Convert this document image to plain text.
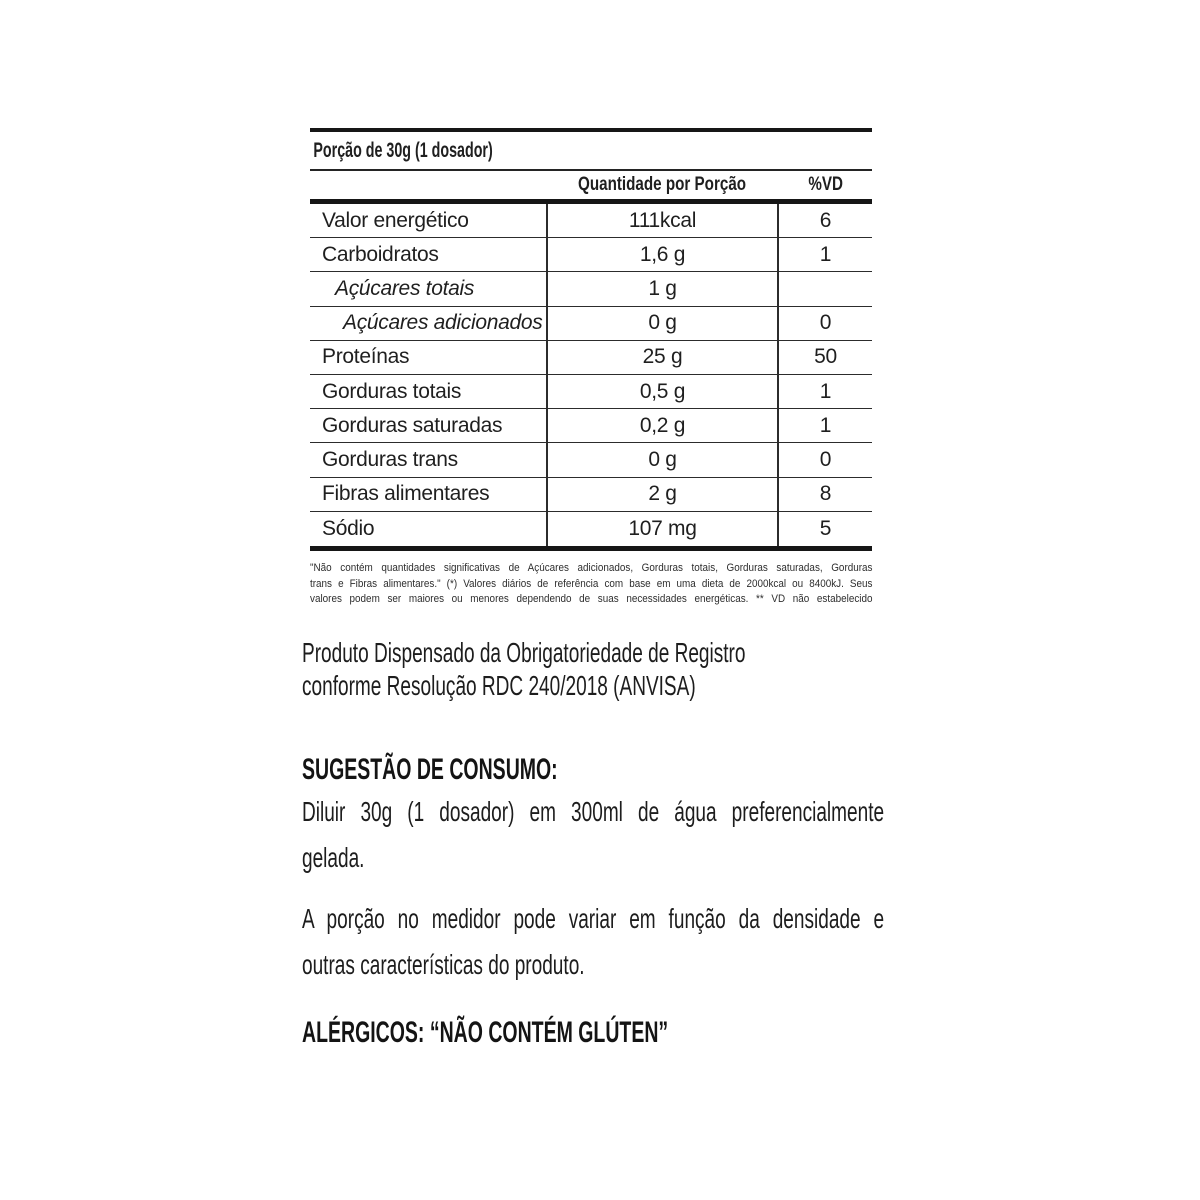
Porção de 30g (1 dosador)
Quantidade por Porção	%VD
Valor energético	111kcal	6
Carboidratos	1,6 g	1
Açúcares totais	1 g
Açúcares adicionados	0 g	0
Proteínas	25 g	50
Gorduras totais	0,5 g	1
Gorduras saturadas	0,2 g	1
Gorduras trans	0 g	0
Fibras alimentares	2 g	8
Sódio	107 mg	5
"Não contém quantidades significativas de Açúcares adicionados, Gorduras totais, Gorduras saturadas, Gorduras
trans e Fibras alimentares." (*) Valores diários de referência com base em uma dieta de 2000kcal ou 8400kJ. Seus
valores podem ser maiores ou menores dependendo de suas necessidades energéticas. ** VD não estabelecido
Produto Dispensado da Obrigatoriedade de Registro
conforme Resolução RDC 240/2018 (ANVISA)
SUGESTÃO DE CONSUMO:
Diluir 30g (1 dosador) em 300ml de água preferencialmente
gelada.
A porção no medidor pode variar em função da densidade e
outras características do produto.
ALÉRGICOS: “NÃO CONTÉM GLÚTEN”
